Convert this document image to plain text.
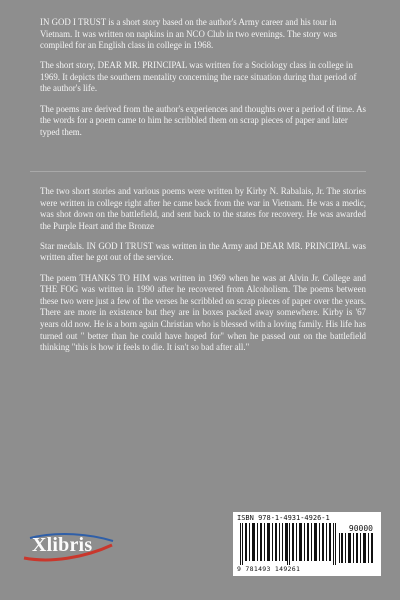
IN GOD I TRUST is a short story based on the author's Army career and his tour in Vietnam. It was written on napkins in an NCO Club in two evenings. The story was compiled for an English class in college in 1968.

The short story, DEAR MR. PRINCIPAL was written for a Sociology class in college in 1969. It depicts the southern mentality concerning the race situation during that period of the author's life.

The poems are derived from the author's experiences and thoughts over a period of time. As the words for a poem came to him he scribbled them on scrap pieces of paper and later typed them.

The two short stories and various poems were written by Kirby N. Rabalais, Jr. The stories were written in college right after he came back from the war in Vietnam. He was a medic, was shot down on the battlefield, and sent back to the states for recovery. He was awarded the Purple Heart and the Bronze

Star medals. IN GOD I TRUST was written in the Army and DEAR MR. PRINCIPAL was written after he got out of the service.

The poem THANKS TO HIM was written in 1969 when he was at Alvin Jr. College and THE FOG was written in 1990 after he recovered from Alcoholism. The poems between these two were just a few of the verses he scribbled on scrap pieces of paper over the years. There are more in existence but they are in boxes packed away somewhere. Kirby is '67 years old now. He is a born again Christian who is blessed with a loving family. His life has turned out " better than he could have hoped for" when he passed out on the battlefield thinking "this is how it feels to die. It isn't so bad after all."

Xlibris
ISBN 978-1-4931-4926-1
90000
9 781493 149261
